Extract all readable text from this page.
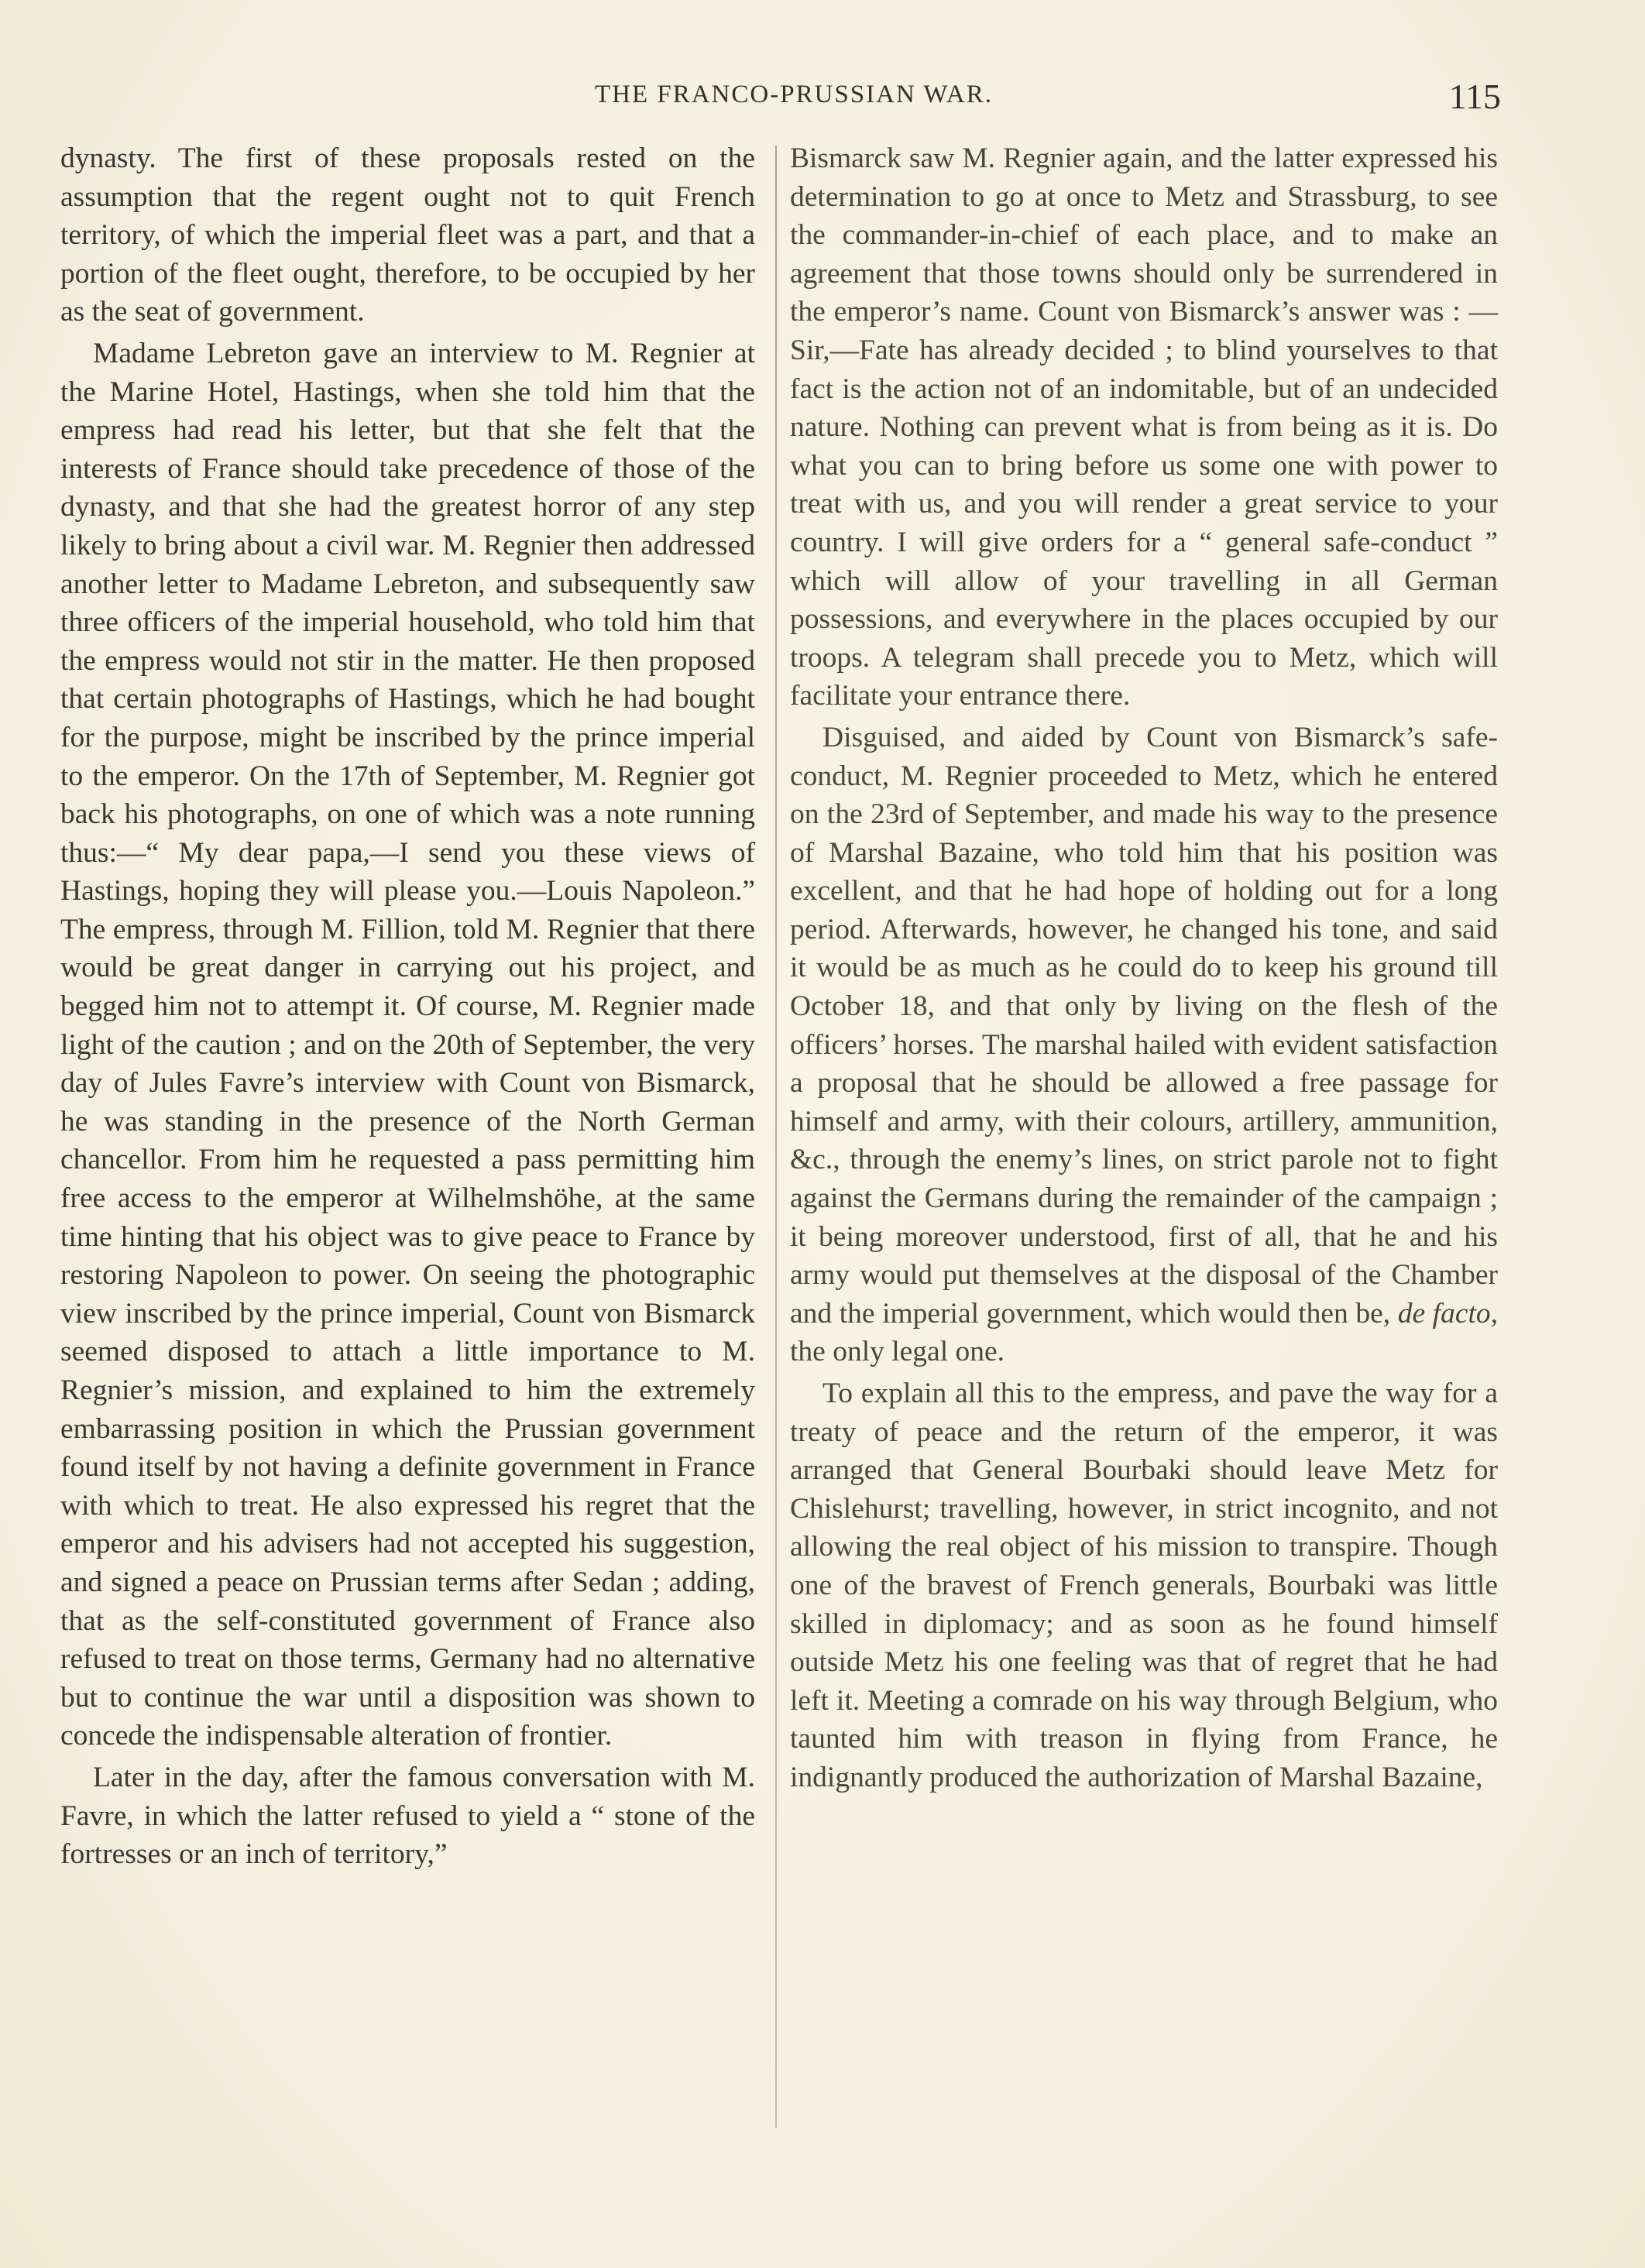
THE FRANCO-PRUSSIAN WAR.	115

dynasty. The first of these proposals rested on the assumption that the regent ought not to quit French territory, of which the imperial fleet was a part, and that a portion of the fleet ought, therefore, to be occupied by her as the seat of government.

Madame Lebreton gave an interview to M. Regnier at the Marine Hotel, Hastings, when she told him that the empress had read his letter, but that she felt that the interests of France should take precedence of those of the dynasty, and that she had the greatest horror of any step likely to bring about a civil war. M. Regnier then addressed another letter to Madame Lebreton, and subsequently saw three officers of the imperial household, who told him that the empress would not stir in the matter. He then proposed that certain photographs of Hastings, which he had bought for the purpose, might be inscribed by the prince imperial to the emperor. On the 17th of September, M. Regnier got back his photographs, on one of which was a note running thus:—“ My dear papa,—I send you these views of Hastings, hoping they will please you.—Louis Napoleon.” The empress, through M. Fillion, told M. Regnier that there would be great danger in carrying out his project, and begged him not to attempt it. Of course, M. Regnier made light of the caution ; and on the 20th of September, the very day of Jules Favre’s interview with Count von Bismarck, he was standing in the presence of the North German chancellor. From him he requested a pass permitting him free access to the emperor at Wilhelmshöhe, at the same time hinting that his object was to give peace to France by restoring Napoleon to power. On seeing the photographic view inscribed by the prince imperial, Count von Bismarck seemed disposed to attach a little importance to M. Regnier’s mission, and explained to him the extremely embarrassing position in which the Prussian government found itself by not having a definite government in France with which to treat. He also expressed his regret that the emperor and his advisers had not accepted his suggestion, and signed a peace on Prussian terms after Sedan ; adding, that as the self-constituted government of France also refused to treat on those terms, Germany had no alternative but to continue the war until a disposition was shown to concede the indispensable alteration of frontier.

Later in the day, after the famous conversation with M. Favre, in which the latter refused to yield a “ stone of the fortresses or an inch of territory,”

Bismarck saw M. Regnier again, and the latter expressed his determination to go at once to Metz and Strassburg, to see the commander-in-chief of each place, and to make an agreement that those towns should only be surrendered in the emperor’s name. Count von Bismarck’s answer was : — Sir,—Fate has already decided ; to blind yourselves to that fact is the action not of an indomitable, but of an undecided nature. Nothing can prevent what is from being as it is. Do what you can to bring before us some one with power to treat with us, and you will render a great service to your country. I will give orders for a “ general safe-conduct ” which will allow of your travelling in all German possessions, and everywhere in the places occupied by our troops. A telegram shall precede you to Metz, which will facilitate your entrance there.

Disguised, and aided by Count von Bismarck’s safe-conduct, M. Regnier proceeded to Metz, which he entered on the 23rd of September, and made his way to the presence of Marshal Bazaine, who told him that his position was excellent, and that he had hope of holding out for a long period. Afterwards, however, he changed his tone, and said it would be as much as he could do to keep his ground till October 18, and that only by living on the flesh of the officers’ horses. The marshal hailed with evident satisfaction a proposal that he should be allowed a free passage for himself and army, with their colours, artillery, ammunition, &c., through the enemy’s lines, on strict parole not to fight against the Germans during the remainder of the campaign ; it being moreover understood, first of all, that he and his army would put themselves at the disposal of the Chamber and the imperial government, which would then be, de facto, the only legal one.

To explain all this to the empress, and pave the way for a treaty of peace and the return of the emperor, it was arranged that General Bourbaki should leave Metz for Chislehurst; travelling, however, in strict incognito, and not allowing the real object of his mission to transpire. Though one of the bravest of French generals, Bourbaki was little skilled in diplomacy; and as soon as he found himself outside Metz his one feeling was that of regret that he had left it. Meeting a comrade on his way through Belgium, who taunted him with treason in flying from France, he indignantly produced the authorization of Marshal Bazaine,
